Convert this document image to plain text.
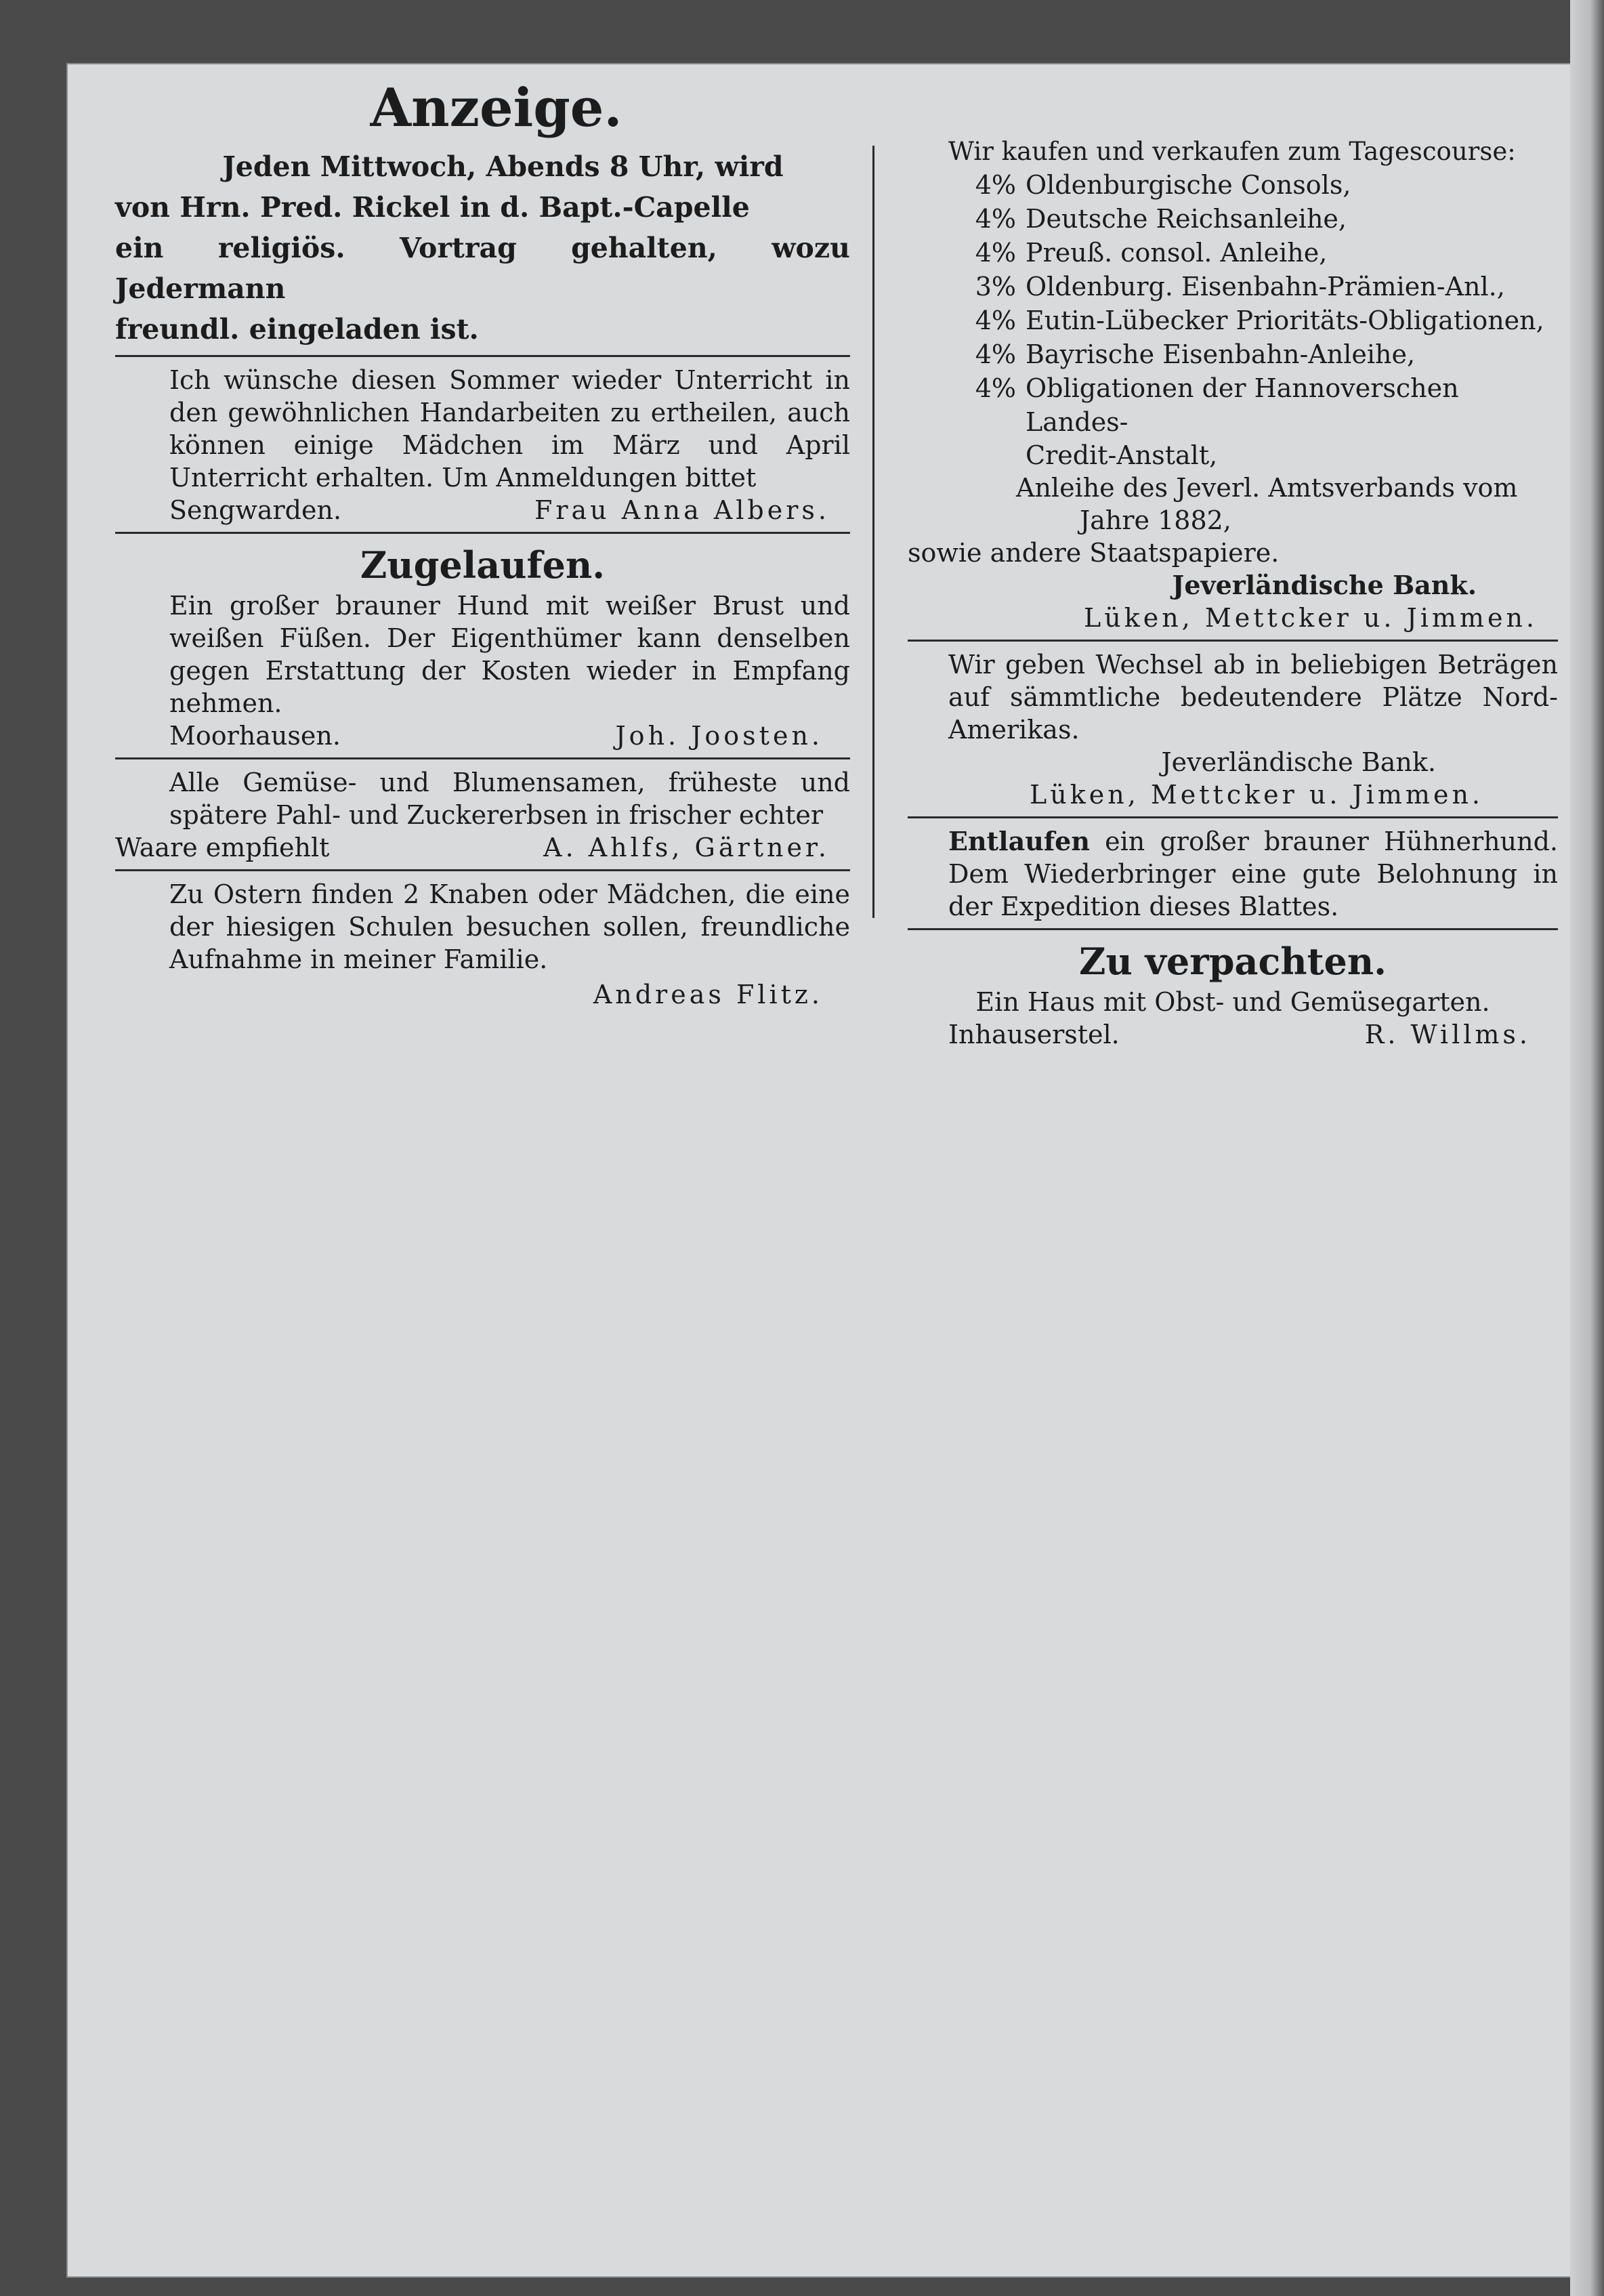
Anzeige.
Jeden Mittwoch, Abends 8 Uhr, wird
von Hrn. Pred. Rickel in d. Bapt.-Capelle
ein religiös. Vortrag gehalten, wozu Jedermann
freundl. eingeladen ist.

Ich wünsche diesen Sommer wieder Unterricht in den gewöhnlichen Handarbeiten zu ertheilen, auch können einige Mädchen im März und April Unterricht erhalten. Um Anmeldungen bittet

Sengwarden.	Frau Anna Albers.
Zugelaufen.

Ein großer brauner Hund mit weißer Brust und weißen Füßen. Der Eigenthümer kann denselben gegen Erstattung der Kosten wieder in Empfang nehmen.

Moorhausen.	Joh. Joosten.

Alle Gemüse- und Blumensamen, früheste und spätere Pahl- und Zuckererbsen in frischer echter

Waare empfiehlt	A. Ahlfs, Gärtner.

Zu Ostern finden 2 Knaben oder Mädchen, die eine der hiesigen Schulen besuchen sollen, freundliche Aufnahme in meiner Familie.

Andreas Flitz.
Wir kaufen und verkaufen zum Tagescourse:
4% Oldenburgische Consols,
4% Deutsche Reichsanleihe,
4% Preuß. consol. Anleihe,
3% Oldenburg. Eisenbahn-Prämien-Anl.,
4% Eutin-Lübecker Prioritäts-Obligationen,
4% Bayrische Eisenbahn-Anleihe,
4% Obligationen der Hannoverschen Landes-
Credit-Anstalt,
Anleihe des Jeverl. Amtsverbands vom
Jahre 1882,
sowie andere Staatspapiere.
Jeverländische Bank.
Lüken, Mettcker u. Jimmen.

Wir geben Wechsel ab in beliebigen Beträgen auf sämmtliche bedeutendere Plätze Nord-Amerikas.

Jeverländische Bank.
Lüken, Mettcker u. Jimmen.

Entlaufen ein großer brauner Hühnerhund. Dem Wiederbringer eine gute Belohnung in der Expedition dieses Blattes.

Zu verpachten.
Ein Haus mit Obst- und Gemüsegarten.
Inhauserstel.	R. Willms.
